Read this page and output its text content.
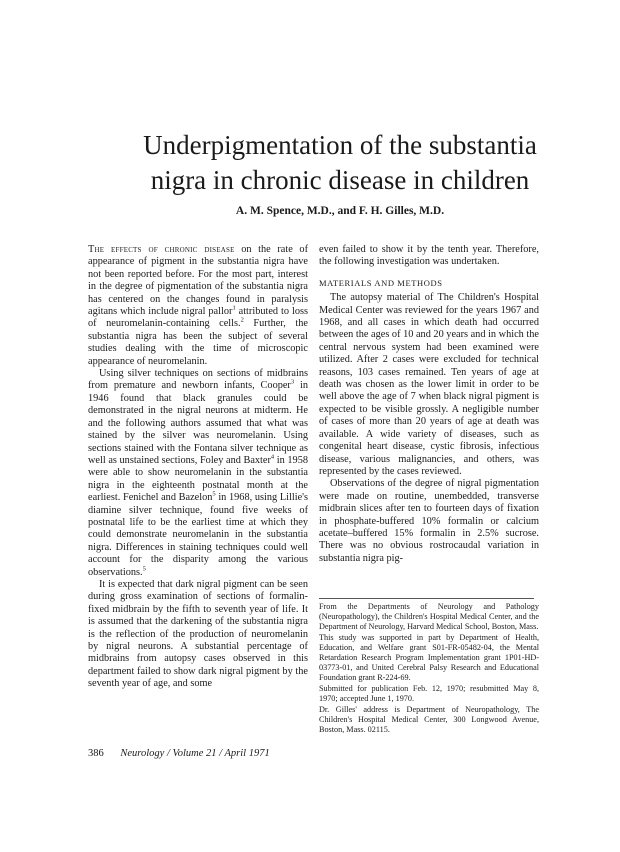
Underpigmentation of the substantia
nigra in chronic disease in children
A. M. Spence, M.D., and F. H. Gilles, M.D.

The effects of chronic disease on the rate of appearance of pigment in the substantia nigra have not been reported before. For the most part, interest in the degree of pigmentation of the substantia nigra has centered on the changes found in paralysis agitans which include nigral pallor$^1$ attributed to loss of neuromelanin-containing cells.$^2$ Further, the substantia nigra has been the subject of several studies dealing with the time of microscopic appearance of neuromelanin.

Using silver techniques on sections of midbrains from premature and newborn infants, Cooper$^3$ in 1946 found that black granules could be demonstrated in the nigral neurons at midterm. He and the following authors assumed that what was stained by the silver was neuromelanin. Using sections stained with the Fontana silver technique as well as unstained sections, Foley and Baxter$^4$ in 1958 were able to show neuromelanin in the substantia nigra in the eighteenth postnatal month at the earliest. Fenichel and Bazelon$^5$ in 1968, using Lillie's diamine silver technique, found five weeks of postnatal life to be the earliest time at which they could demonstrate neuromelanin in the substantia nigra. Differences in staining techniques could well account for the disparity among the various observations.$^5$

It is expected that dark nigral pigment can be seen during gross examination of sections of formalin-fixed midbrain by the fifth to seventh year of life. It is assumed that the darkening of the substantia nigra is the reflection of the production of neuromelanin by nigral neurons. A substantial percentage of midbrains from autopsy cases observed in this department failed to show dark nigral pigment by the seventh year of age, and some

even failed to show it by the tenth year. Therefore, the following investigation was undertaken.

MATERIALS AND METHODS

The autopsy material of The Children's Hospital Medical Center was reviewed for the years 1967 and 1968, and all cases in which death had occurred between the ages of 10 and 20 years and in which the central nervous system had been examined were utilized. After 2 cases were excluded for technical reasons, 103 cases remained. Ten years of age at death was chosen as the lower limit in order to be well above the age of 7 when black nigral pigment is expected to be visible grossly. A negligible number of cases of more than 20 years of age at death was available. A wide variety of diseases, such as congenital heart disease, cystic fibrosis, infectious disease, various malignancies, and others, was represented by the cases reviewed.

Observations of the degree of nigral pigmentation were made on routine, unembedded, transverse midbrain slices after ten to fourteen days of fixation in phosphate-buffered 10% formalin or calcium acetate–buffered 15% formalin in 2.5% sucrose. There was no obvious rostrocaudal variation in substantia nigra pig-

From the Departments of Neurology and Pathology (Neuropathology), the Children's Hospital Medical Center, and the Department of Neurology, Harvard Medical School, Boston, Mass.

This study was supported in part by Department of Health, Education, and Welfare grant S01-FR-05482-04, the Mental Retardation Research Program Implementation grant 1P01-HD-03773-01, and United Cerebral Palsy Research and Educational Foundation grant R-224-69.

Submitted for publication Feb. 12, 1970; resubmitted May 8, 1970; accepted June 1, 1970.

Dr. Gilles' address is Department of Neuropathology, The Children's Hospital Medical Center, 300 Longwood Avenue, Boston, Mass. 02115.

386 Neurology / Volume 21 / April 1971
